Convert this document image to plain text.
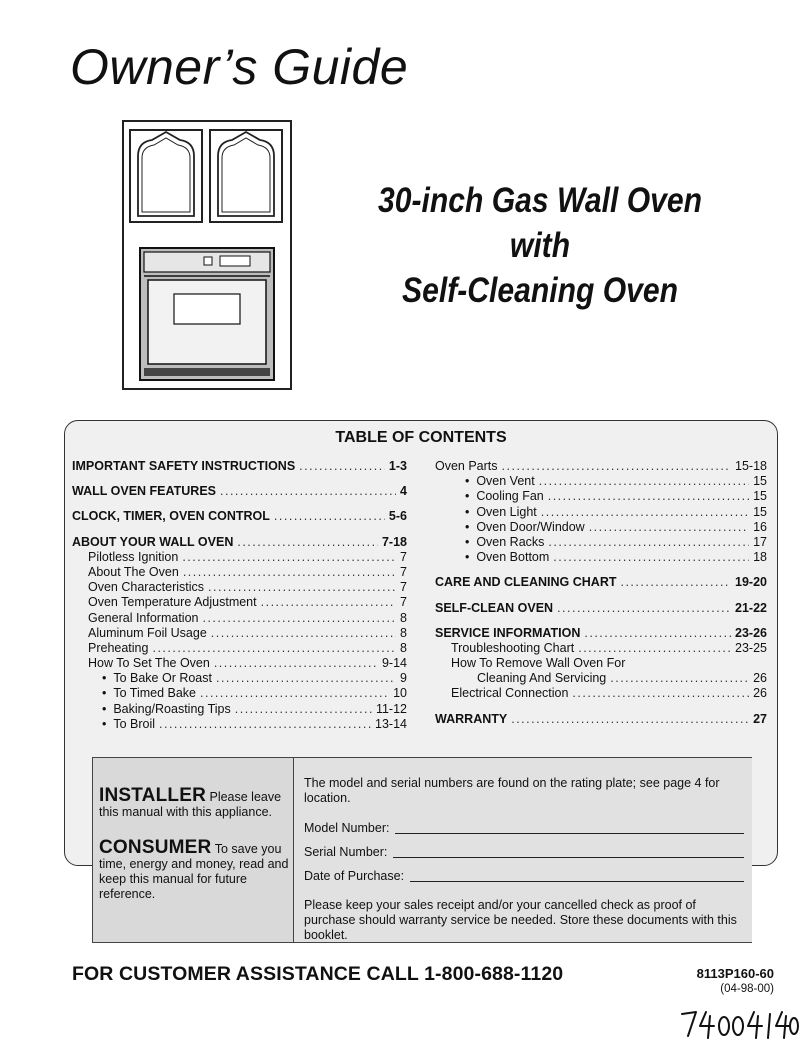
Owner’s Guide
30-inch Gas Wall Oven
with
Self-Cleaning Oven
TABLE OF CONTENTS
IMPORTANT SAFETY INSTRUCTIONS .....	1-3
WALL OVEN FEATURES .....	4
CLOCK, TIMER, OVEN CONTROL .....	5-6
ABOUT YOUR WALL OVEN .....	7-18
Pilotless Ignition .....	7
About The Oven .....	7
Oven Characteristics .....	7
Oven Temperature Adjustment .....	7
General Information .....	8
Aluminum Foil Usage .....	8
Preheating .....	8
How To Set The Oven .....	9-14
•  To Bake Or Roast .....	9
•  To Timed Bake .....	10
•  Baking/Roasting Tips .....	11-12
•  To Broil .....	13-14
Oven Parts .....	15-18
•  Oven Vent .....	15
•  Cooling Fan .....	15
•  Oven Light .....	15
•  Oven Door/Window .....	16
•  Oven Racks .....	17
•  Oven Bottom .....	18
CARE AND CLEANING CHART .....	19-20
SELF-CLEAN OVEN .....	21-22
SERVICE INFORMATION .....	23-26
Troubleshooting Chart .....	23-25
How To Remove Wall Oven For
Cleaning And Servicing .....	26
Electrical Connection .....	26
WARRANTY .....	27
INSTALLER Please leave this manual with this appliance.
CONSUMER To save you time, energy and money, read and keep this manual for future reference.
The model and serial numbers are found on the rating plate; see page 4 for location.
Model Number:
Serial Number:
Date of Purchase:
Please keep your sales receipt and/or your cancelled check as proof of purchase should warranty service be needed. Store these documents with this booklet.
FOR CUSTOMER ASSISTANCE CALL 1-800-688-1120	8113P160-60
(04-98-00)
